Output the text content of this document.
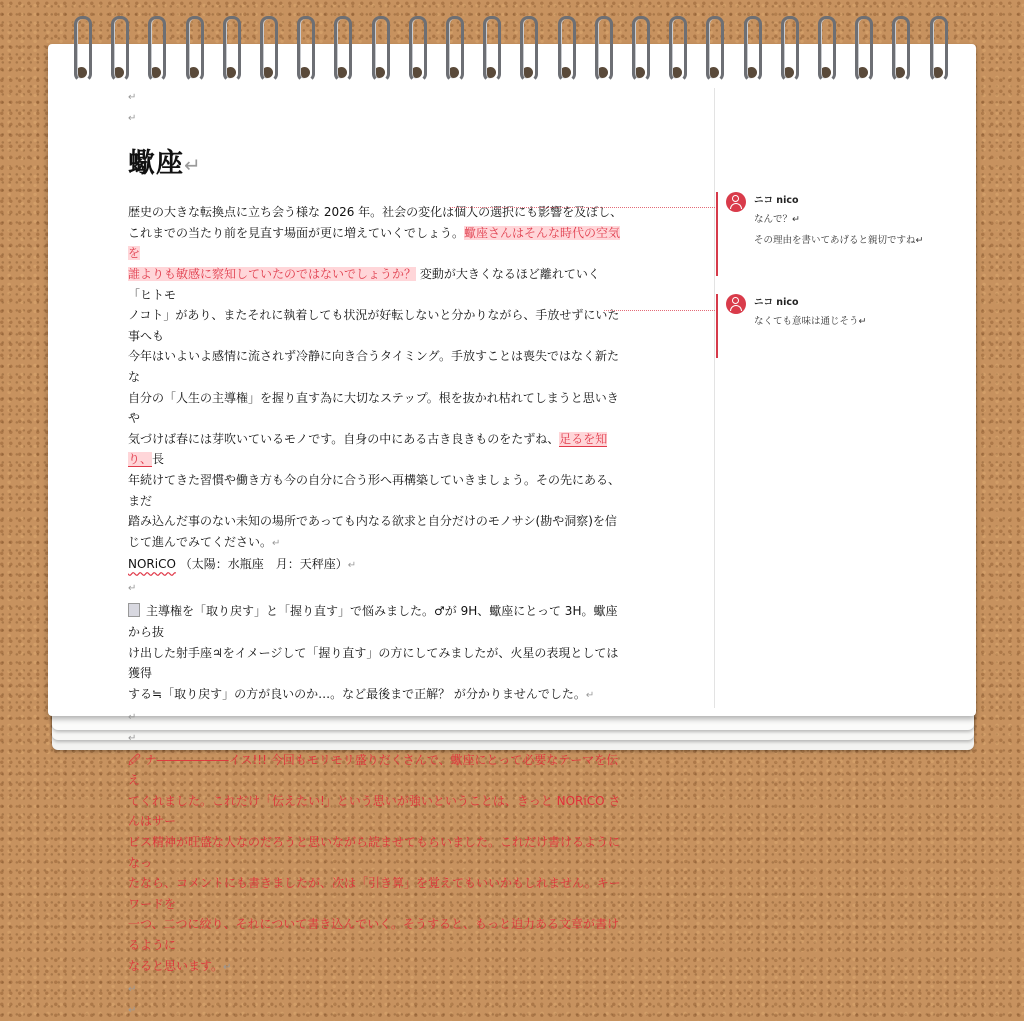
↵
↵
蠍座↵
歴史の大きな転換点に立ち会う様な 2026 年。社会の変化は個人の選択にも影響を及ぼし、
これまでの当たり前を見直す場面が更に増えていくでしょう。蠍座さんはそんな時代の空気を
誰よりも敏感に察知していたのではないでしょうか？ 変動が大きくなるほど離れていく「ヒトモ
ノコト」があり、またそれに執着しても状況が好転しないと分かりながら、手放せずにいた事へも
今年はいよいよ感情に流されず冷静に向き合うタイミング。手放すことは喪失ではなく新たな
自分の「人生の主導権」を握り直す為に大切なステップ。根を抜かれ枯れてしまうと思いきや
気づけば春には芽吹いているモノです。自身の中にある古き良きものをたずね、足るを知り、長
年続けてきた習慣や働き方も今の自分に合う形へ再構築していきましょう。その先にある、まだ
踏み込んだ事のない未知の場所であっても内なる欲求と自分だけのモノサシ(勘や洞察)を信
じて進んでみてください。↵
NORiCO （太陽：水瓶座　月：天秤座）↵
↵
主導権を「取り戻す」と「握り直す」で悩みました。♂が 9H、蠍座にとって 3H。蠍座から抜
け出した射手座♃をイメージして「握り直す」の方にしてみましたが、火星の表現としては獲得
する≒「取り戻す」の方が良いのか…。など最後まで正解？ が分かりませんでした。↵
↵
↵
🖉 ナ――――――イス!!! 今回もモリモリ盛りだくさんで、蠍座にとって必要なテーマを伝え
てくれました。これだけ「伝えたい!」という思いが強いということは、きっと NORiCO さんはサー
ビス精神が旺盛な人なのだろうと思いながら読ませてもらいました。これだけ書けるようになっ
たなら、コメントにも書きましたが、次は「引き算」を覚えてもいいかもしれません。キーワードを
一つ、二つに絞り、それについて書き込んでいく。そうすると、もっと迫力ある文章が書けるように
なると思います。↵
↵
↵
ニコ nico
なんで？↵
その理由を書いてあげると親切ですね↵
ニコ nico
なくても意味は通じそう↵
